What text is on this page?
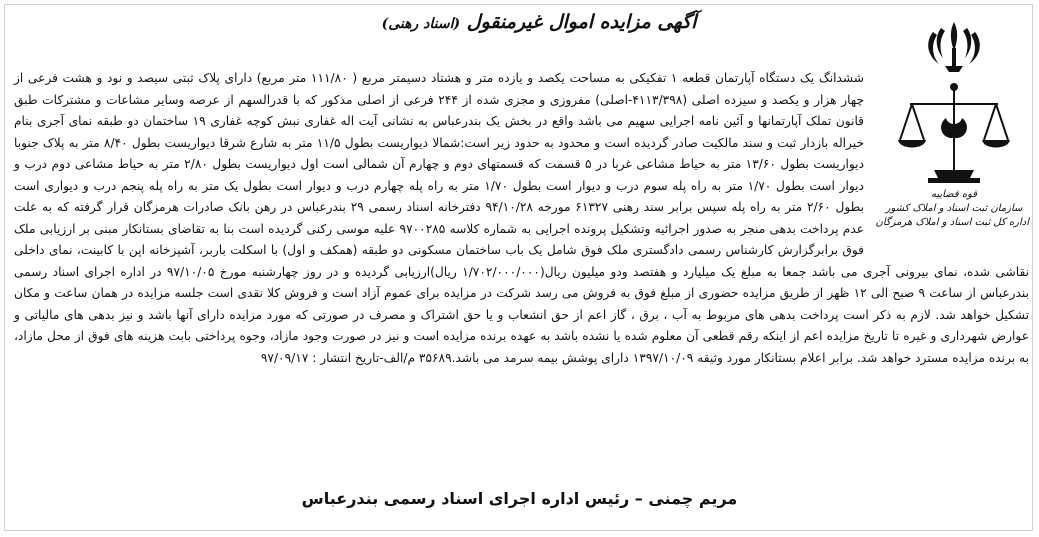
قوه قضاییه
سازمان ثبت اسناد و املاک کشور
اداره کل ثبت اسناد و املاک هرمزگان
آگهی مزایده اموال غیرمنقول (اسناد رهنی)
ششدانگ یک دستگاه آپارتمان قطعه ۱ تفکیکی به مساحت یکصد و یازده متر و هشتاد دسیمتر مربع ( ۱۱۱/۸۰ متر مربع) دارای پلاک ثبتی سیصد و نود و هشت فرعی از چهار هزار و یکصد و سیزده اصلی (۴۱۱۳/۳۹۸-اصلی) مفروزی و مجزی شده از ۲۴۴ فرعی از اصلی مذکور که با قدرالسهم از عرصه وسایر مشاعات و مشترکات طبق قانون تملک آپارتمانها و آئین نامه اجرایی سهیم می باشد واقع در بخش یک بندرعباس به نشانی آیت اله غفاری نبش کوچه غفاری ۱۹ ساختمان دو طبقه نمای آجری بنام خیراله بازدار ثبت و سند مالکیت صادر گردیده است و محدود به حدود زیر است:شمالا دیواریست بطول ۱۱/۵ متر به شارع شرقا دیواریست بطول ۸/۴۰ متر به پلاک جنوبا دیواریست بطول ۱۳/۶۰ متر به حیاط مشاعی غربا در ۵ قسمت که قسمتهای دوم و چهارم آن شمالی است اول دیواریست بطول ۲/۸۰ متر به حیاط مشاعی دوم درب و دیوار است بطول ۱/۷۰ متر به راه پله سوم درب و دیوار است بطول ۱/۷۰ متر به راه پله چهارم درب و دیوار است بطول یک متر به راه پله پنجم درب و دیواری است بطول ۲/۶۰ متر به راه پله سپس برابر سند رهنی ۶۱۳۲۷ مورخه ۹۴/۱۰/۲۸ دفترخانه اسناد رسمی ۲۹ بندرعباس در رهن بانک صادرات هرمزگان قرار گرفته که به علت عدم پرداخت بدهی منجر به صدور اجرائیه وتشکیل پرونده اجرایی به شماره کلاسه ۹۷۰۰۲۸۵ علیه موسی رکنی گردیده است بنا به تقاضای بستانکار مبنی بر ارزیابی ملک فوق برابرگزارش کارشناس رسمی دادگستری ملک فوق شامل یک باب ساختمان مسکونی دو طبقه (همکف و اول) با اسکلت باربر، آشپزخانه اپن با کابینت، نمای داخلی نقاشی شده، نمای بیرونی آجری می باشد جمعا به مبلغ یک میلیارد و هفتصد ودو میلیون ریال(۱/۷۰۲/۰۰۰/۰۰۰ ریال)ارزیابی گردیده و در روز چهارشنبه مورخ ۹۷/۱۰/۰۵ در اداره اجرای اسناد رسمی بندرعباس از ساعت ۹ صبح الی ۱۲ ظهر از طریق مزایده حضوری از مبلغ فوق به فروش می رسد شرکت در مزایده برای عموم آزاد است و فروش کلا نقدی است جلسه مزایده در همان ساعت و مکان تشکیل خواهد شد. لازم به ذکر است پرداخت بدهی های مربوط به آب ، برق ، گاز اعم از حق انشعاب و یا حق اشتراک و مصرف در صورتی که مورد مزایده دارای آنها باشد و نیز بدهی های مالیاتی و عوارض شهرداری و غیره تا تاریخ مزایده اعم از اینکه رقم قطعی آن معلوم شده یا نشده باشد به عهده برنده مزایده است و نیز در صورت وجود مازاد، وجوه پرداختی بابت هزینه های فوق از محل مازاد، به برنده مزایده مسترد خواهد شد. برابر اعلام بستانکار مورد وثیقه ۱۳۹۷/۱۰/۰۹ دارای پوشش بیمه سرمد می باشد.۳۵۶۸۹ م/الف-تاریخ انتشار : ۹۷/۰۹/۱۷
مریم چمنی – رئیس اداره اجرای اسناد رسمی بندرعباس
